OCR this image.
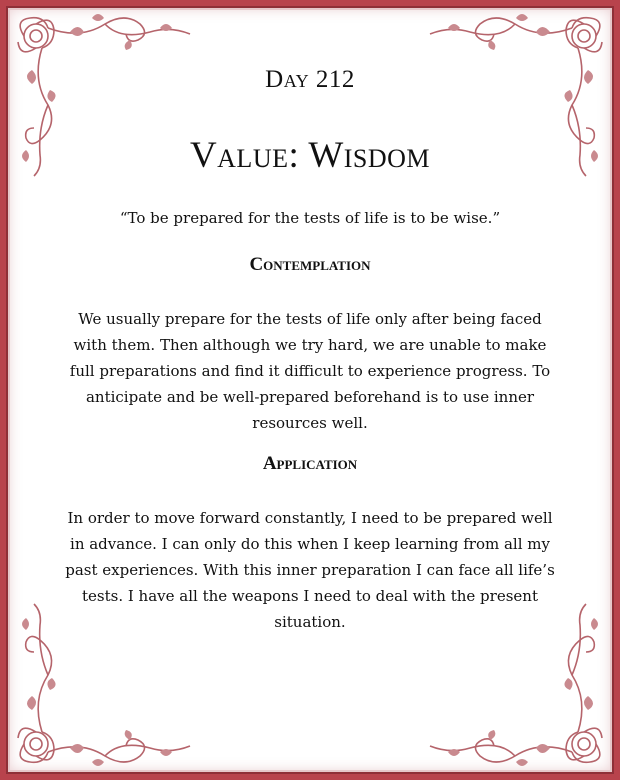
Day 212
Value: Wisdom
“To be prepared for the tests of life is to be wise.”
Contemplation
We usually prepare for the tests of life only after being faced with them. Then although we try hard, we are unable to make full preparations and find it difficult to experience progress. To anticipate and be well-prepared beforehand is to use inner resources well.
Application
In order to move forward constantly, I need to be prepared well in advance. I can only do this when I keep learning from all my past experiences. With this inner preparation I can face all life’s tests. I have all the weapons I need to deal with the present situation.
